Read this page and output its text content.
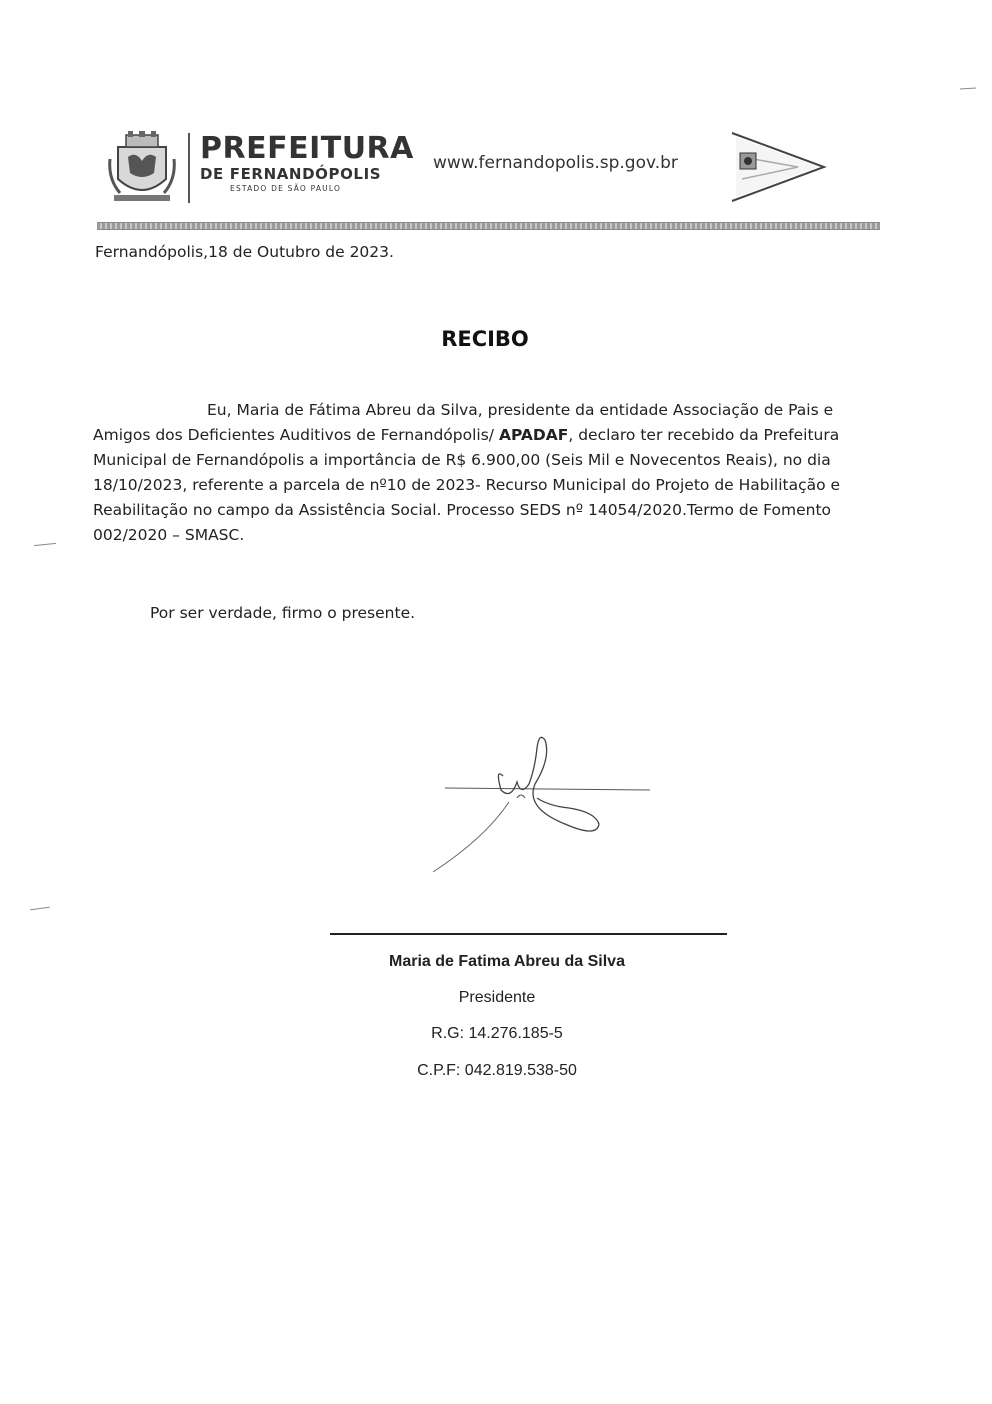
PREFEITURA
DE FERNANDÓPOLIS
ESTADO DE SÃO PAULO
www.fernandopolis.sp.gov.br
Fernandópolis,18 de Outubro de 2023.
RECIBO
Eu, Maria de Fátima Abreu da Silva, presidente da entidade Associação de Pais e Amigos dos Deficientes Auditivos de Fernandópolis/ APADAF, declaro ter recebido da Prefeitura Municipal de Fernandópolis a importância de R$ 6.900,00 (Seis Mil e Novecentos Reais), no dia 18/10/2023, referente a parcela de nº10 de 2023- Recurso Municipal do Projeto de Habilitação e Reabilitação no campo da Assistência Social. Processo SEDS nº 14054/2020.Termo de Fomento 002/2020 – SMASC.
Por ser verdade, firmo o presente.
Maria de Fatima Abreu da Silva
Presidente
R.G: 14.276.185-5
C.P.F: 042.819.538-50
